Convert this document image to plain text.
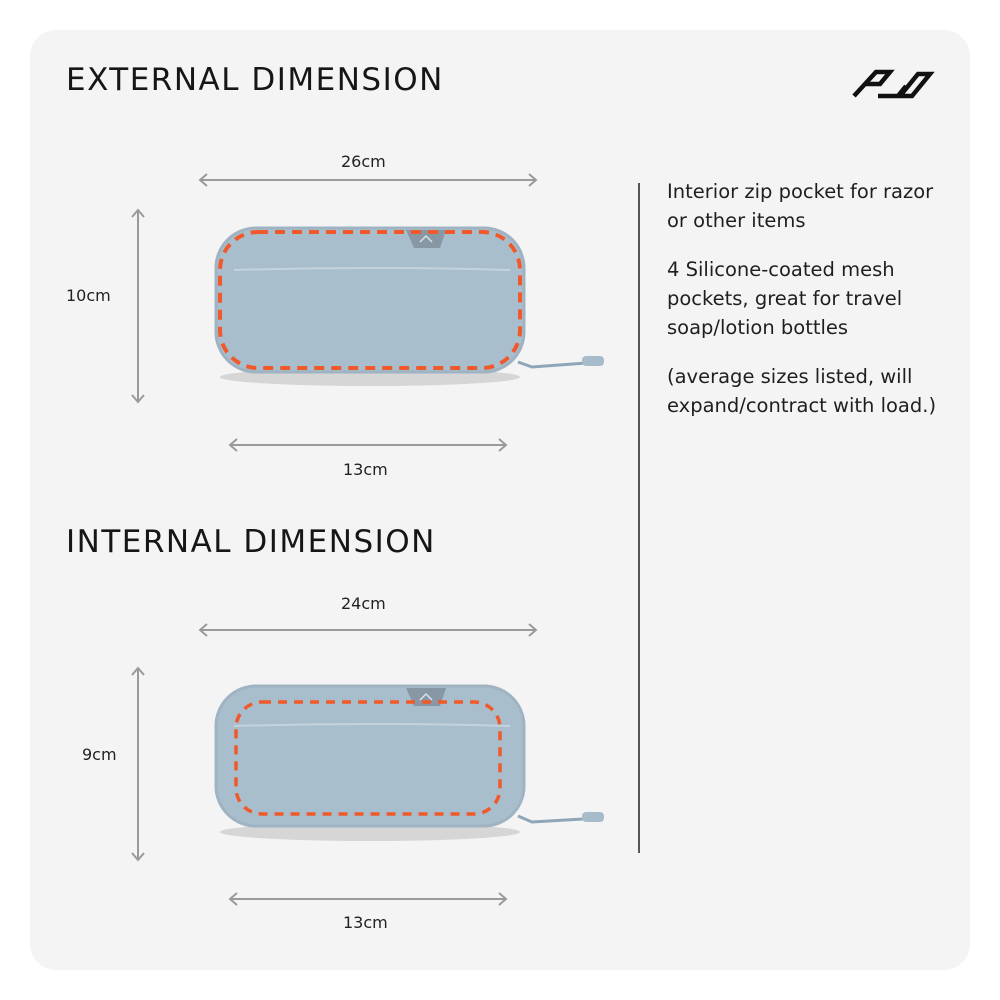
EXTERNAL DIMENSION
26cm
10cm
13cm
INTERNAL DIMENSION
24cm
9cm
13cm

Interior zip pocket for razor or other items

4 Silicone-coated mesh pockets, great for travel soap/lotion bottles

(average sizes listed, will expand/contract with load.)
